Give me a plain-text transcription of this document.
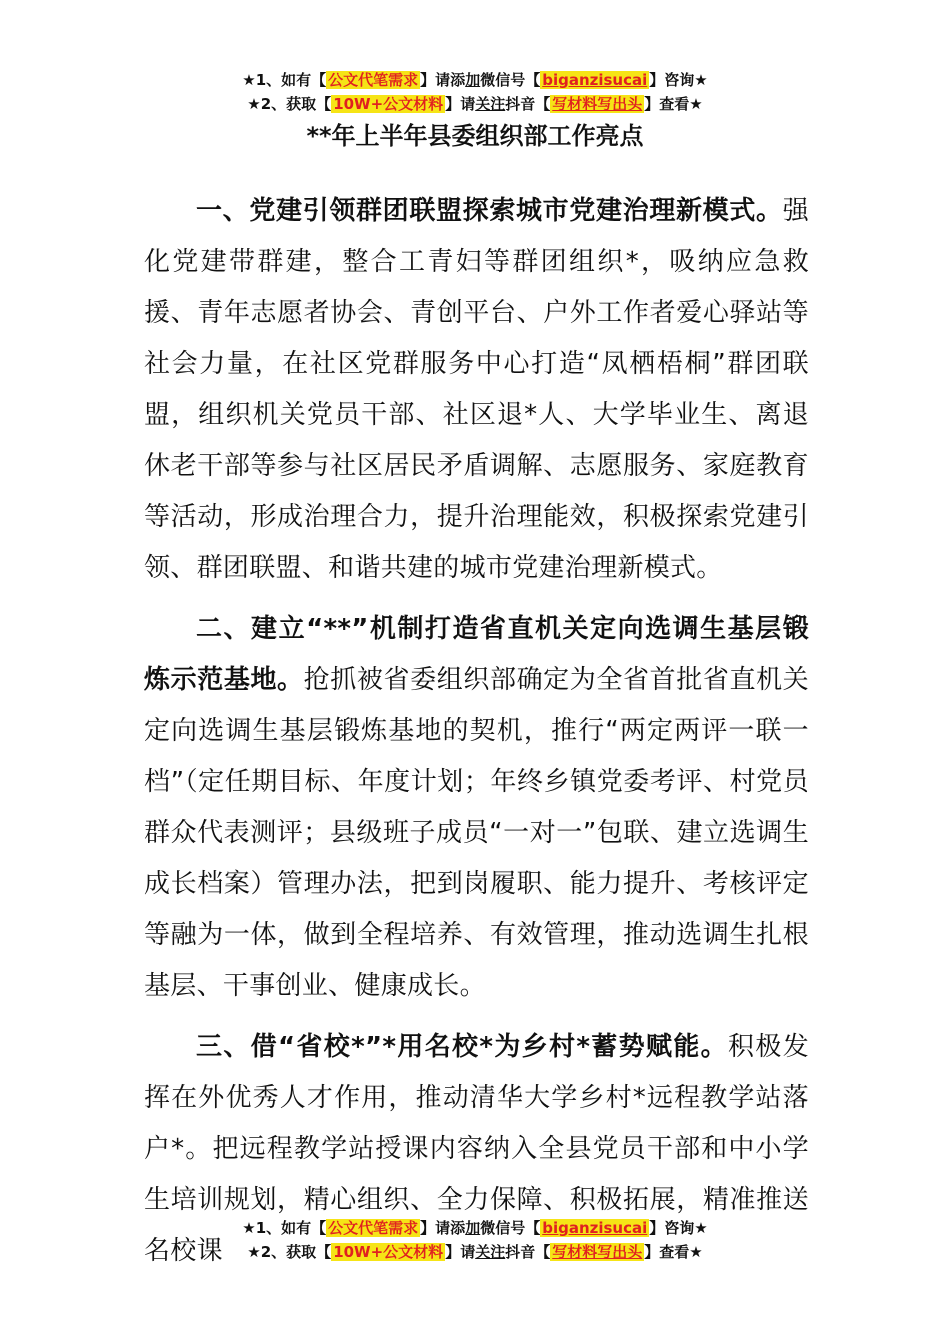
★1、如有【 公文代笔需求 】请添加微信号【 biganzisucai 】咨询★
★2、获取【 10W+公文材料 】请关注抖音【 写材料写出头 】查看★
**年上半年县委组织部工作亮点

一、党建引领群团联盟探索城市党建治理新模式。强化党建带群建，整合工青妇等群团组织*，吸纳应急救援、青年志愿者协会、青创平台、户外工作者爱心驿站等社会力量，在社区党群服务中心打造“凤栖梧桐”群团联盟，组织机关党员干部、社区退*人、大学毕业生、离退休老干部等参与社区居民矛盾调解、志愿服务、家庭教育等活动，形成治理合力，提升治理能效，积极探索党建引领、群团联盟、和谐共建的城市党建治理新模式。

二、建立“**”机制打造省直机关定向选调生基层锻炼示范基地。抢抓被省委组织部确定为全省首批省直机关定向选调生基层锻炼基地的契机，推行“两定两评一联一档”（定任期目标、年度计划；年终乡镇党委考评、村党员群众代表测评；县级班子成员“一对一”包联、建立选调生成长档案）管理办法，把到岗履职、能力提升、考核评定等融为一体，做到全程培养、有效管理，推动选调生扎根基层、干事创业、健康成长。

三、借“省校*”*用名校*为乡村*蓄势赋能。积极发挥在外优秀人才作用，推动清华大学乡村*远程教学站落户*。把远程教学站授课内容纳入全县党员干部和中小学生培训规划，精心组织、全力保障、积极拓展，精准推送名校课

★1、如有【 公文代笔需求 】请添加微信号【 biganzisucai 】咨询★
★2、获取【 10W+公文材料 】请关注抖音【 写材料写出头 】查看★
